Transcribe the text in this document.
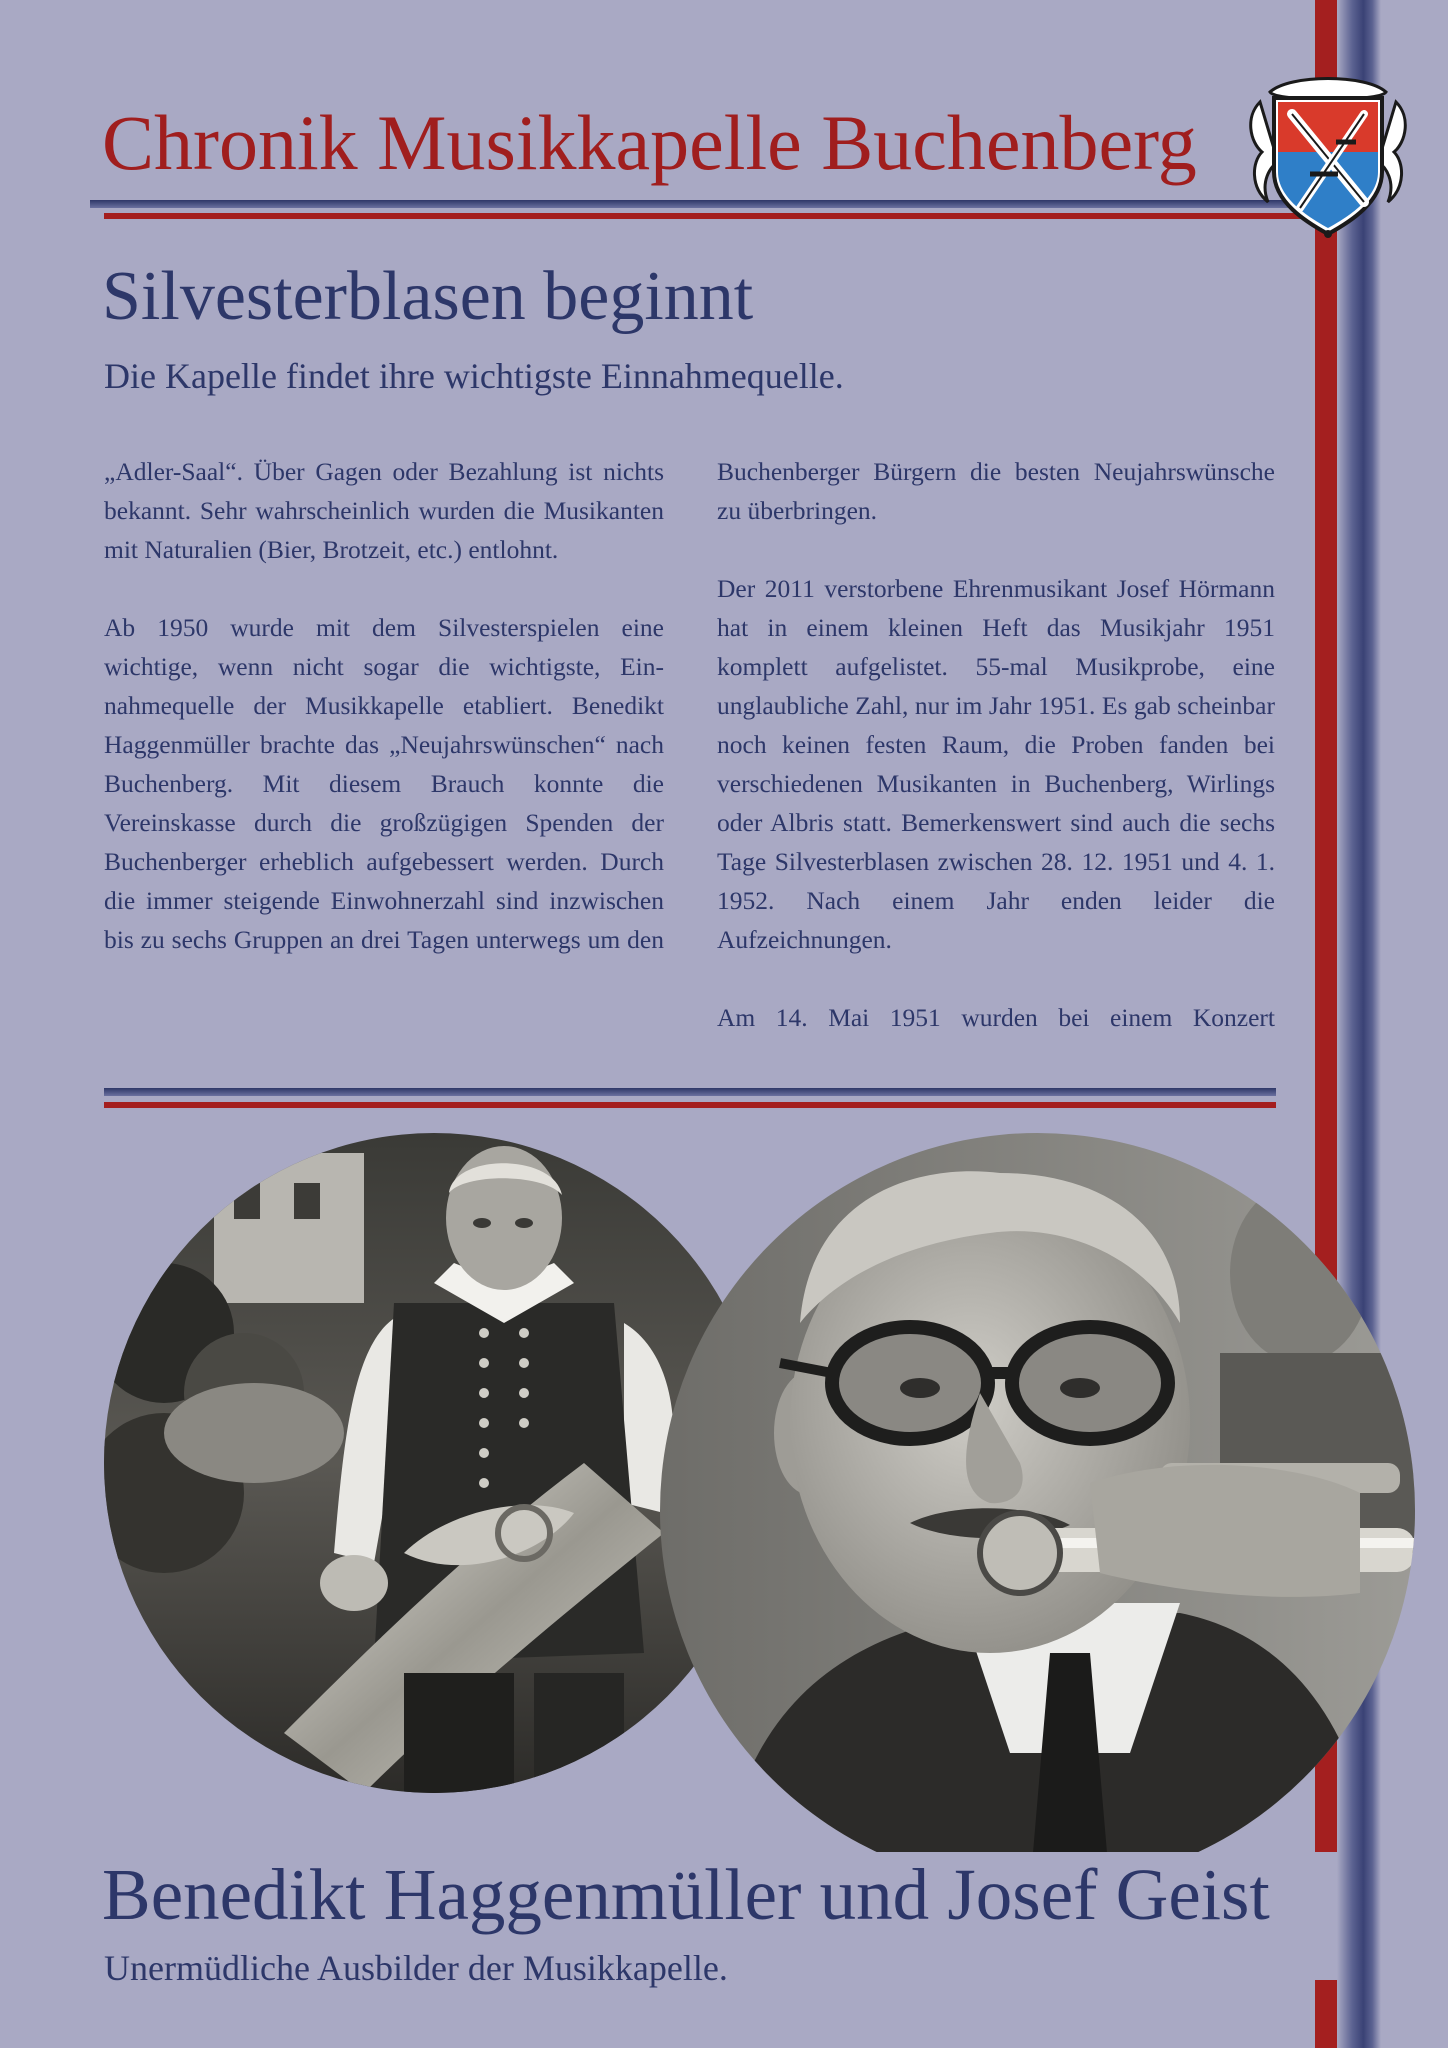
Chronik Musikkapelle Buchenberg
Silvesterblasen beginnt

Die Kapelle findet ihre wichtigste Einnahmequelle.

„Adler-Saal“. Über Gagen oder Bezahlung ist nichts bekannt. Sehr wahrscheinlich wurden die Musikanten mit Naturalien (Bier, Brotzeit, etc.) entlohnt.

Ab 1950 wurde mit dem Silvesterspielen eine wichtige, wenn nicht sogar die wichtigste, Einnahmequelle der Musikkapelle etabliert. Benedikt Haggenmüller brachte das „Neujahrswünschen“ nach Buchenberg. Mit diesem Brauch konnte die Vereinskasse durch die großzügigen Spenden der Buchenberger erheblich aufgebessert werden. Durch die immer steigende Einwohnerzahl sind inzwischen bis zu sechs Gruppen an drei Tagen unterwegs um den

Buchenberger Bürgern die besten Neujahrswünsche zu überbringen.

Der 2011 verstorbene Ehrenmusikant Josef Hörmann hat in einem kleinen Heft das Musikjahr 1951 komplett aufgelistet. 55-mal Musikprobe, eine unglaubliche Zahl, nur im Jahr 1951. Es gab scheinbar noch keinen festen Raum, die Proben fanden bei verschiedenen Musikanten in Buchenberg, Wirlings oder Albris statt. Bemerkenswert sind auch die sechs Tage Silvesterblasen zwischen 28. 12. 1951 und 4. 1. 1952. Nach einem Jahr enden leider die Aufzeichnungen.

Am 14. Mai 1951 wurden bei einem Konzert

Benedikt Haggenmüller und Josef Geist

Unermüdliche Ausbilder der Musikkapelle.
